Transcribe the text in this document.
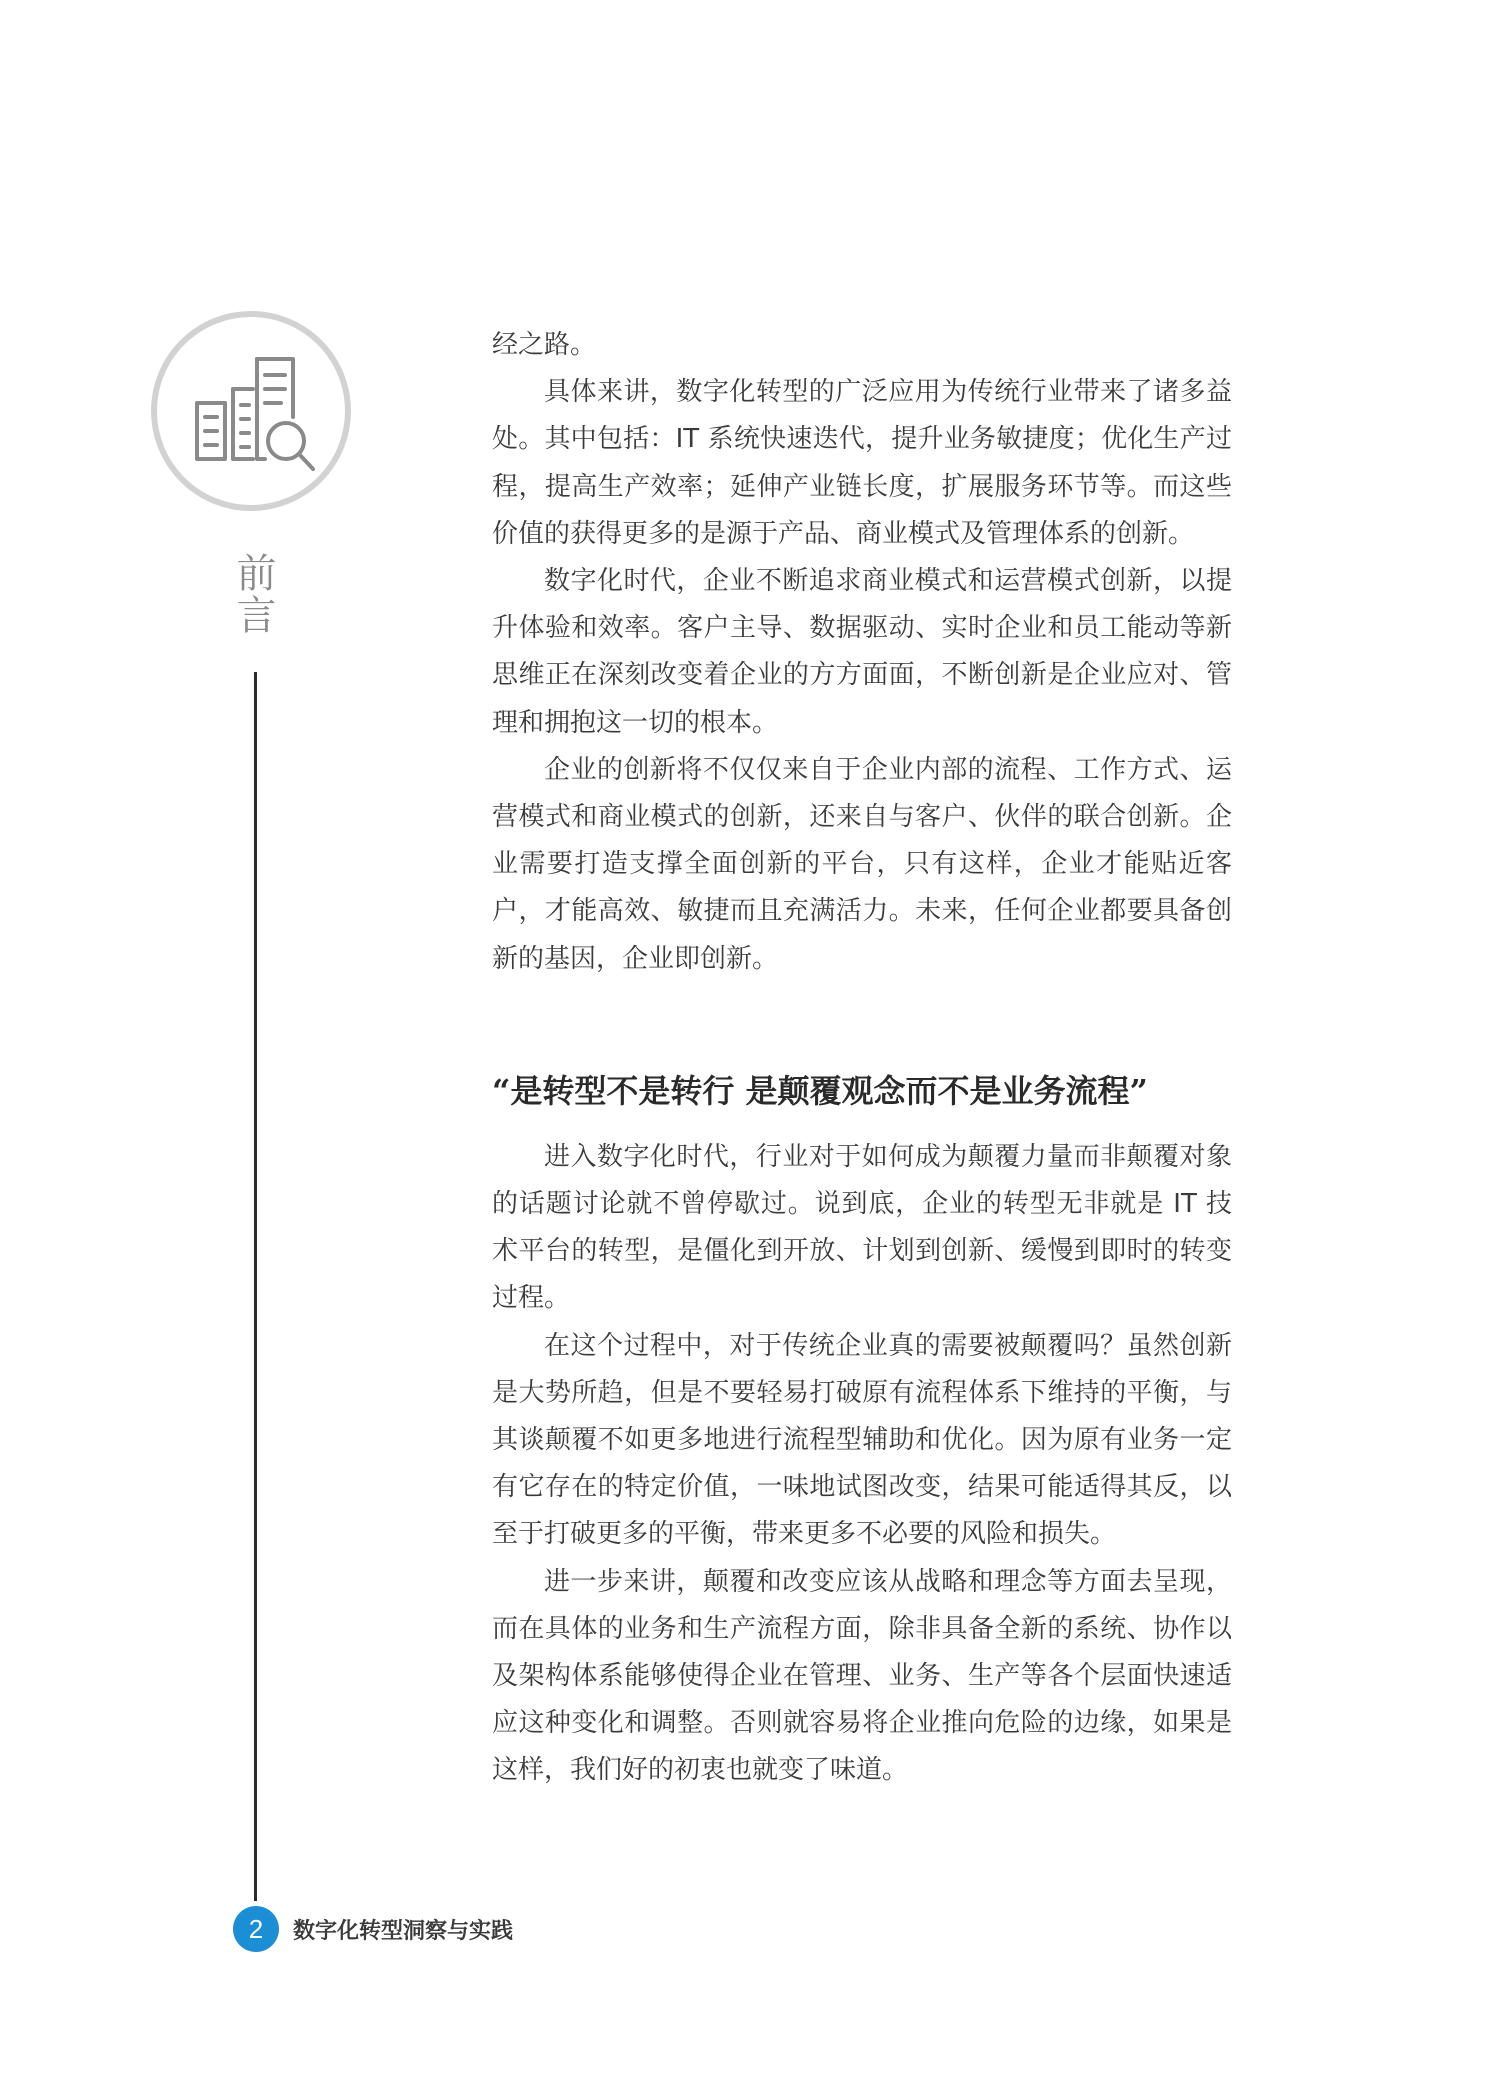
前言

经之路。

具体来讲，数字化转型的广泛应用为传统行业带来了诸多益处。其中包括：IT 系统快速迭代，提升业务敏捷度；优化生产过程，提高生产效率；延伸产业链长度，扩展服务环节等。而这些价值的获得更多的是源于产品、商业模式及管理体系的创新。

数字化时代，企业不断追求商业模式和运营模式创新，以提升体验和效率。客户主导、数据驱动、实时企业和员工能动等新思维正在深刻改变着企业的方方面面，不断创新是企业应对、管理和拥抱这一切的根本。

企业的创新将不仅仅来自于企业内部的流程、工作方式、运营模式和商业模式的创新，还来自与客户、伙伴的联合创新。企业需要打造支撑全面创新的平台，只有这样，企业才能贴近客户，才能高效、敏捷而且充满活力。未来，任何企业都要具备创新的基因，企业即创新。

“是转型不是转行 是颠覆观念而不是业务流程”

进入数字化时代，行业对于如何成为颠覆力量而非颠覆对象的话题讨论就不曾停歇过。说到底，企业的转型无非就是 IT 技术平台的转型，是僵化到开放、计划到创新、缓慢到即时的转变过程。

在这个过程中，对于传统企业真的需要被颠覆吗？虽然创新是大势所趋，但是不要轻易打破原有流程体系下维持的平衡，与其谈颠覆不如更多地进行流程型辅助和优化。因为原有业务一定有它存在的特定价值，一味地试图改变，结果可能适得其反，以至于打破更多的平衡，带来更多不必要的风险和损失。

进一步来讲，颠覆和改变应该从战略和理念等方面去呈现，而在具体的业务和生产流程方面，除非具备全新的系统、协作以及架构体系能够使得企业在管理、业务、生产等各个层面快速适应这种变化和调整。否则就容易将企业推向危险的边缘，如果是这样，我们好的初衷也就变了味道。

2	数字化转型洞察与实践
